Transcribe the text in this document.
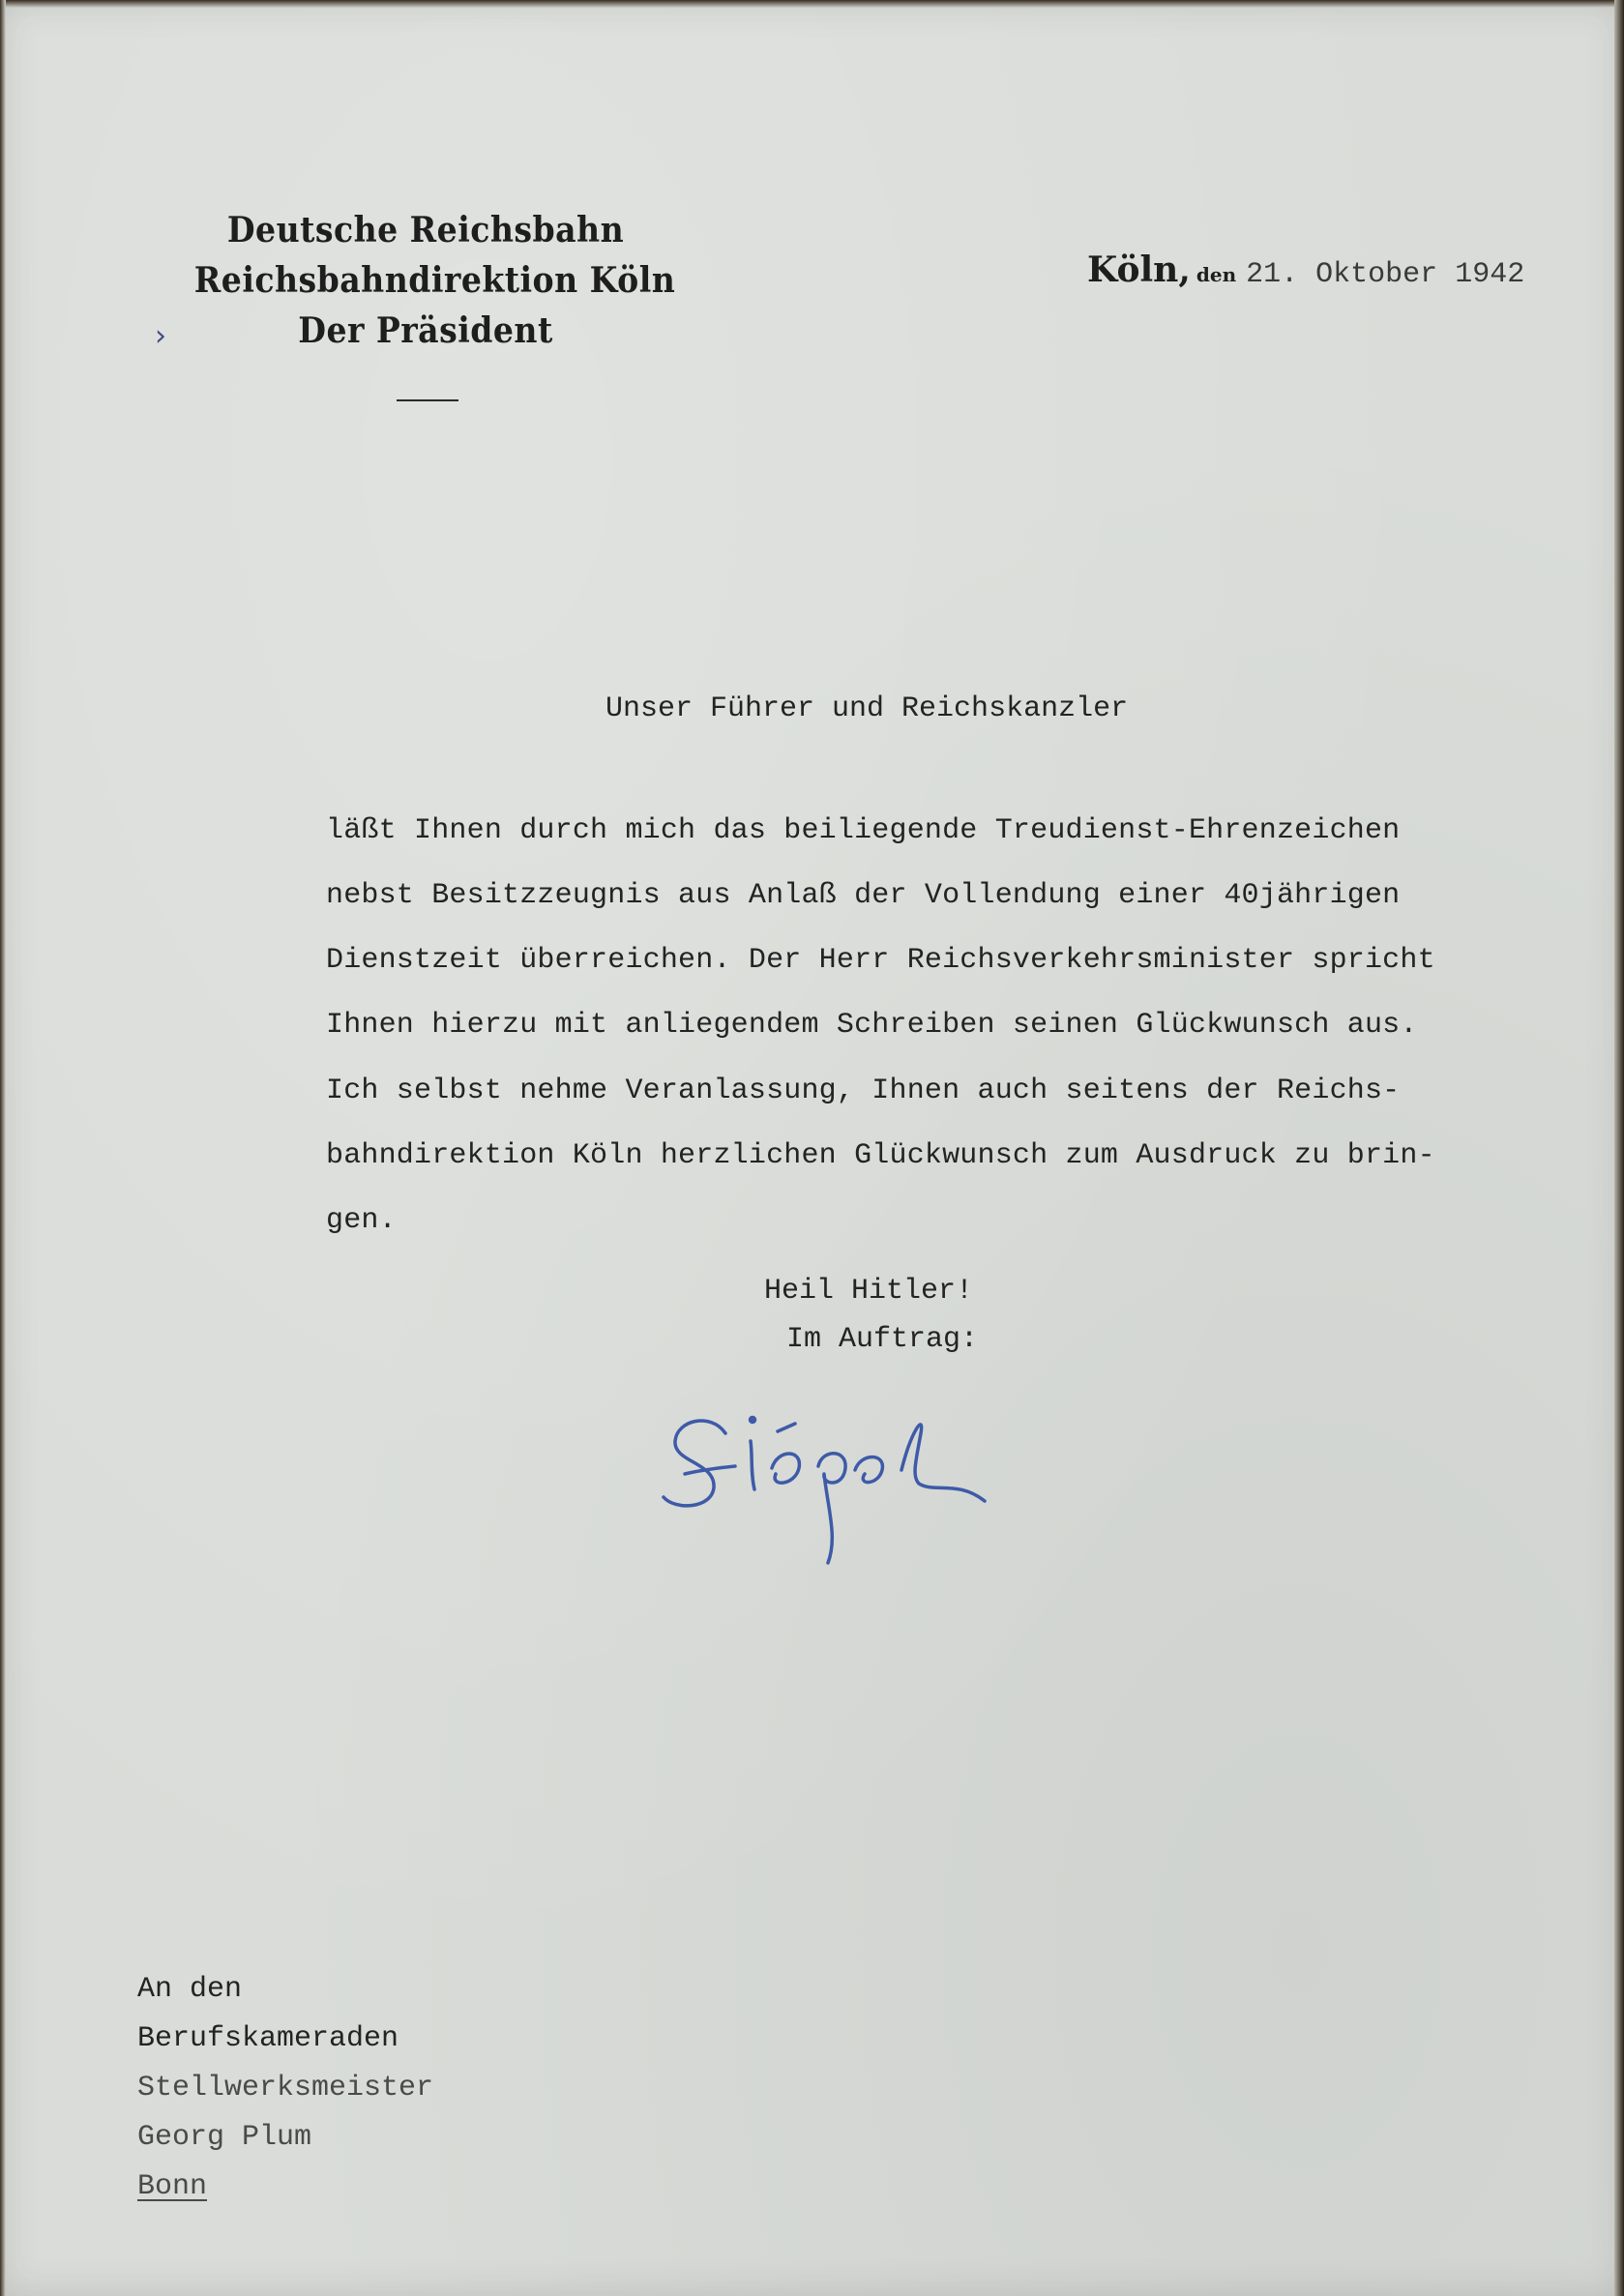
›
Deutsche Reichsbahn
Reichsbahndirektion Köln
Der Präsident
Köln, den 21. Oktober 1942
Unser Führer und Reichskanzler
läßt Ihnen durch mich das beiliegende Treudienst-Ehrenzeichen
nebst Besitzzeugnis aus Anlaß der Vollendung einer 40jährigen
Dienstzeit überreichen. Der Herr Reichsverkehrsminister spricht
Ihnen hierzu mit anliegendem Schreiben seinen Glückwunsch aus.
Ich selbst nehme Veranlassung, Ihnen auch seitens der Reichs-
bahndirektion Köln herzlichen Glückwunsch zum Ausdruck zu brin-
gen.
Heil Hitler!
Im Auftrag:
An den
Berufskameraden
Stellwerksmeister
Georg Plum
Bonn
